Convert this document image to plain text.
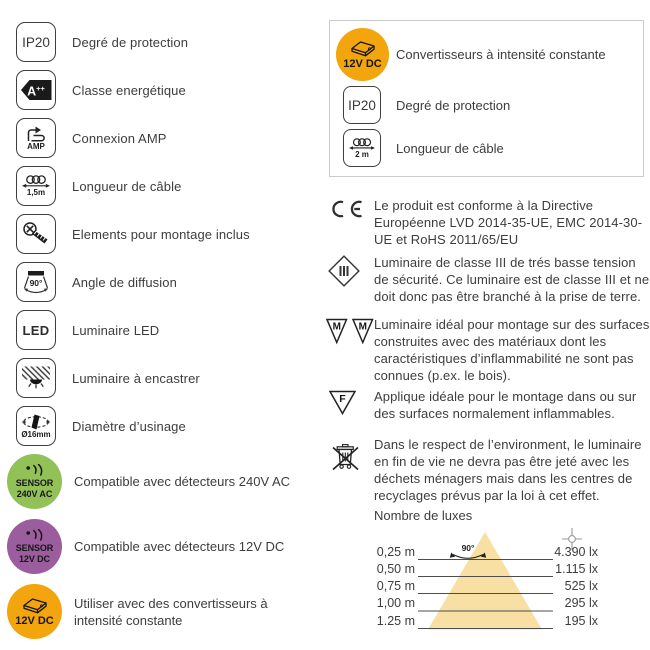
IP20 Degré de protection
A++ Classe energétique
AMP
Connexion AMP
1,5m Longueur de câble
Elements pour montage inclus
90° Angle de diffusion
LED Luminaire LED
Luminaire à encastrer
Ø16mm
Diamètre d’usinage
SENSOR
240V AC
Compatible avec détecteurs 240V AC
SENSOR
12V DC
Compatible avec détecteurs 12V DC
12V DC
Utiliser avec des convertisseurs à intensité constante
12V DC
Convertisseurs à intensité constante
IP20 Degré de protection
2 m Longueur de câble
Le produit est conforme à la Directive Européenne LVD 2014-35-UE, EMC 2014-30-UE et RoHS 2011/65/EU
Luminaire de classe III de trés basse tension de sécurité. Ce luminaire est de classe III et ne doit donc pas être branché à la prise de terre.
M M Luminaire idéal pour montage sur des surfaces construites avec des matériaux dont les caractéristiques d’inflammabilité ne sont pas connues (p.ex. le bois).
F Applique idéale pour le montage dans ou sur des surfaces normalement inflammables.
Dans le respect de l’environment, le luminaire en fin de vie ne devra pas être jeté avec les déchets ménagers mais dans les centres de recyclages prévus par la loi à cet effet.
Nombre de luxes
90°
0,25 m
0,50 m
0,75 m
1,00 m
1.25 m
4.390 lx
1.115 lx
525 lx
295 lx
195 lx
